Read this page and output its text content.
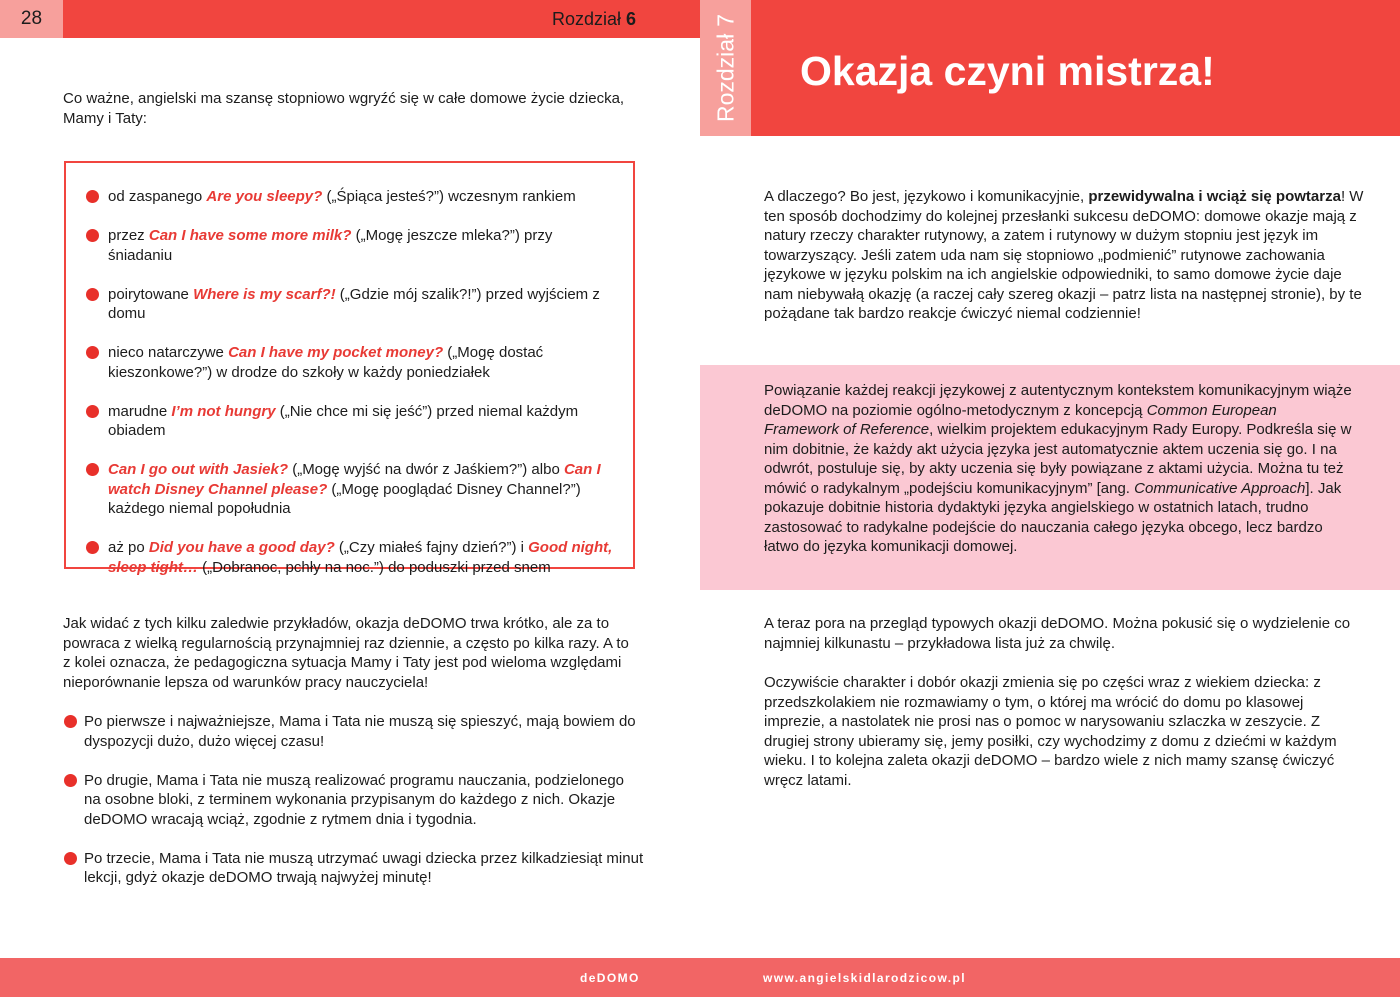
28	Rozdział 6
Rozdział
7
Okazja czyni mistrza!
Co ważne, angielski ma szansę stopniowo wgryźć się w całe domowe życie dziecka, Mamy i Taty:
od zaspanego Are you sleepy? („Śpiąca jesteś?”) wczesnym rankiem
przez Can I have some more milk? („Mogę jeszcze mleka?”) przy śniadaniu
poirytowane Where is my scarf?! („Gdzie mój szalik?!”) przed wyjściem z domu
nieco natarczywe Can I have my pocket money? („Mogę dostać kieszonkowe?”) w drodze do szkoły w każdy poniedziałek
marudne I’m not hungry („Nie chce mi się jeść”) przed niemal każdym obiadem
Can I go out with Jasiek? („Mogę wyjść na dwór z Jaśkiem?”) albo Can I watch Disney Channel please? („Mogę pooglądać Disney Channel?”) każdego niemal popołudnia
aż po Did you have a good day? („Czy miałeś fajny dzień?”) i Good night, sleep tight… („Dobranoc, pchły na noc.”) do poduszki przed snem
Jak widać z tych kilku zaledwie przykładów, okazja deDOMO trwa krótko, ale za to powraca z wielką regularnością przynajmniej raz dziennie, a często po kilka razy. A to z kolei oznacza, że pedagogiczna sytuacja Mamy i Taty jest pod wieloma względami nieporównanie lepsza od warunków pracy nauczyciela!
Po pierwsze i najważniejsze, Mama i Tata nie muszą się spieszyć, mają bowiem do dyspozycji dużo, dużo więcej czasu!
Po drugie, Mama i Tata nie muszą realizować programu nauczania, podzielonego na osobne bloki, z terminem wykonania przypisanym do każdego z nich. Okazje deDOMO wracają wciąż, zgodnie z rytmem dnia i tygodnia.
Po trzecie, Mama i Tata nie muszą utrzymać uwagi dziecka przez kilkadziesiąt minut lekcji, gdyż okazje deDOMO trwają najwyżej minutę!
A dlaczego? Bo jest, językowo i komunikacyjnie, przewidywalna i wciąż się powtarza! W ten sposób dochodzimy do kolejnej przesłanki sukcesu deDOMO: domowe okazje mają z natury rzeczy charakter rutynowy, a zatem i rutynowy w dużym stopniu jest język im towarzyszący. Jeśli zatem uda nam się stopniowo „podmienić” rutynowe zachowania językowe w języku polskim na ich angielskie odpowiedniki, to samo domowe życie daje nam niebywałą okazję (a raczej cały szereg okazji – patrz lista na następnej stronie), by te pożądane tak bardzo reakcje ćwiczyć niemal codziennie!
Powiązanie każdej reakcji językowej z autentycznym kontekstem komunikacyjnym wiąże deDOMO na poziomie ogólno-metodycznym z koncepcją Common European Framework of Reference, wielkim projektem edukacyjnym Rady Europy. Podkreśla się w nim dobitnie, że każdy akt użycia języka jest automatycznie aktem uczenia się go. I na odwrót, postuluje się, by akty uczenia się były powiązane z aktami użycia. Można tu też mówić o radykalnym „podejściu komunikacyjnym” [ang. Communicative Approach]. Jak pokazuje dobitnie historia dydaktyki języka angielskiego w ostatnich latach, trudno zastosować to radykalne podejście do nauczania całego języka obcego, lecz bardzo łatwo do języka komunikacji domowej.
A teraz pora na przegląd typowych okazji deDOMO. Można pokusić się o wydzielenie co najmniej kilkunastu – przykładowa lista już za chwilę.
Oczywiście charakter i dobór okazji zmienia się po części wraz z wiekiem dziecka: z przedszkolakiem nie rozmawiamy o tym, o której ma wrócić do domu po klasowej imprezie, a nastolatek nie prosi nas o pomoc w narysowaniu szlaczka w zeszycie. Z drugiej strony ubieramy się, jemy posiłki, czy wychodzimy z domu z dziećmi w każdym wieku. I to kolejna zaleta okazji deDOMO – bardzo wiele z nich mamy szansę ćwiczyć wręcz latami.
deDOMO	www.angielskidlarodzicow.pl
